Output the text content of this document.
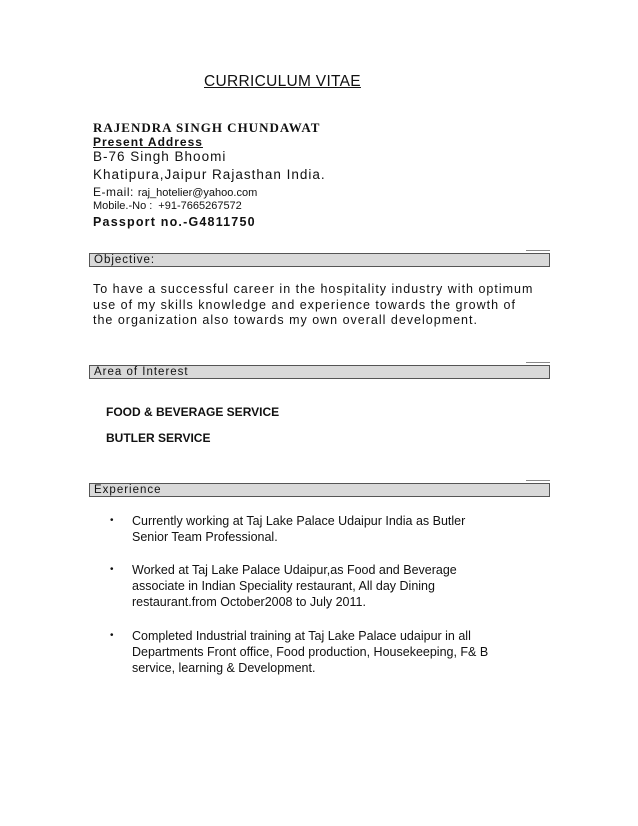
CURRICULUM VITAE
RAJENDRA SINGH CHUNDAWAT
Present Address
B-76 Singh Bhoomi
Khatipura,Jaipur Rajasthan India.
E-mail: raj_hotelier@yahoo.com
Mobile.-No : +91-7665267572
Passport no.-G4811750
Objective:
To have a successful career in the hospitality industry with optimum
use of my skills knowledge and experience towards the growth of
the organization also towards my own overall development.
Area of Interest
FOOD & BEVERAGE SERVICE
BUTLER SERVICE
Experience
• Currently working at Taj Lake Palace Udaipur India as Butler
Senior Team Professional.
• Worked at Taj Lake Palace Udaipur,as Food and Beverage
associate in Indian Speciality restaurant, All day Dining
restaurant.from October2008 to July 2011.
• Completed Industrial training at Taj Lake Palace udaipur in all
Departments Front office, Food production, Housekeeping, F& B
service, learning & Development.
